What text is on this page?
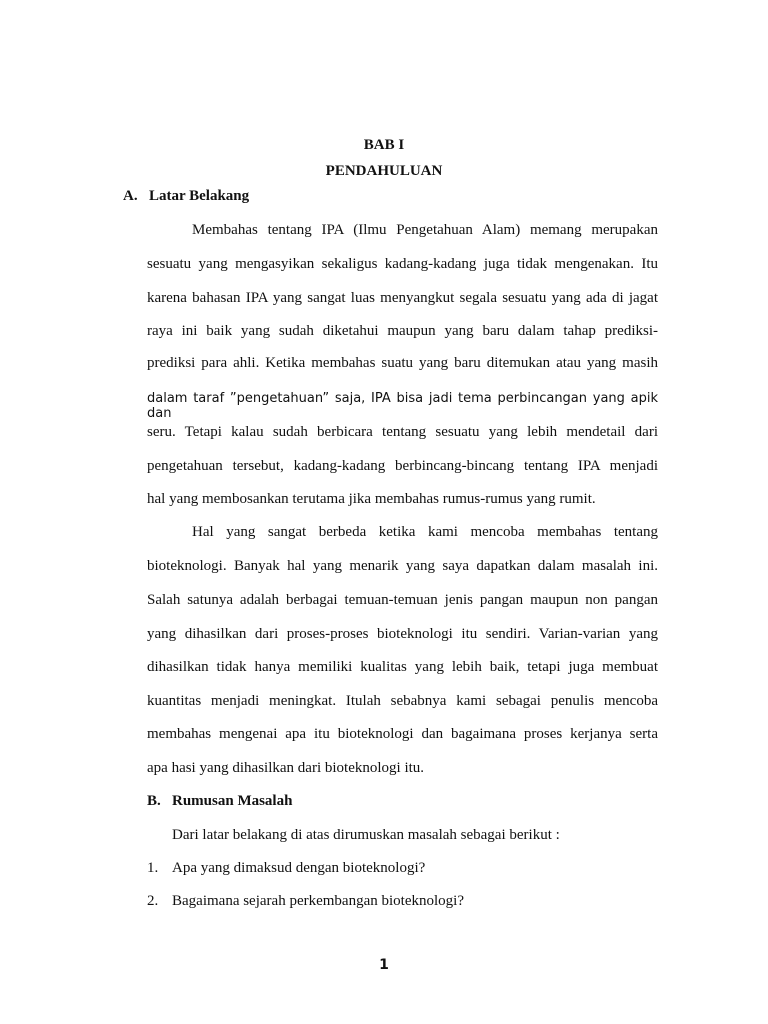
BAB I
PENDAHULUAN
A. Latar Belakang
Membahas tentang IPA (Ilmu Pengetahuan Alam) memang merupakan
sesuatu yang mengasyikan sekaligus kadang-kadang juga tidak mengenakan. Itu
karena bahasan IPA yang sangat luas menyangkut segala sesuatu yang ada di jagat
raya ini baik yang sudah diketahui maupun yang baru dalam tahap prediksi-
prediksi para ahli. Ketika membahas suatu yang baru ditemukan atau yang masih
dalam taraf ”pengetahuan” saja, IPA bisa jadi tema perbincangan yang apik dan
seru. Tetapi kalau sudah berbicara tentang sesuatu yang lebih mendetail dari
pengetahuan tersebut, kadang-kadang berbincang-bincang tentang IPA menjadi
hal yang membosankan terutama jika membahas rumus-rumus yang rumit.
Hal yang sangat berbeda ketika kami mencoba membahas tentang
bioteknologi. Banyak hal yang menarik yang saya dapatkan dalam masalah ini.
Salah satunya adalah berbagai temuan-temuan jenis pangan maupun non pangan
yang dihasilkan dari proses-proses bioteknologi itu sendiri. Varian-varian yang
dihasilkan tidak hanya memiliki kualitas yang lebih baik, tetapi juga membuat
kuantitas menjadi meningkat. Itulah sebabnya kami sebagai penulis mencoba
membahas mengenai apa itu bioteknologi dan bagaimana proses kerjanya serta
apa hasi yang dihasilkan dari bioteknologi itu.
B. Rumusan Masalah
Dari latar belakang di atas dirumuskan masalah sebagai berikut :
1. Apa yang dimaksud dengan bioteknologi?
2. Bagaimana sejarah perkembangan bioteknologi?
1
